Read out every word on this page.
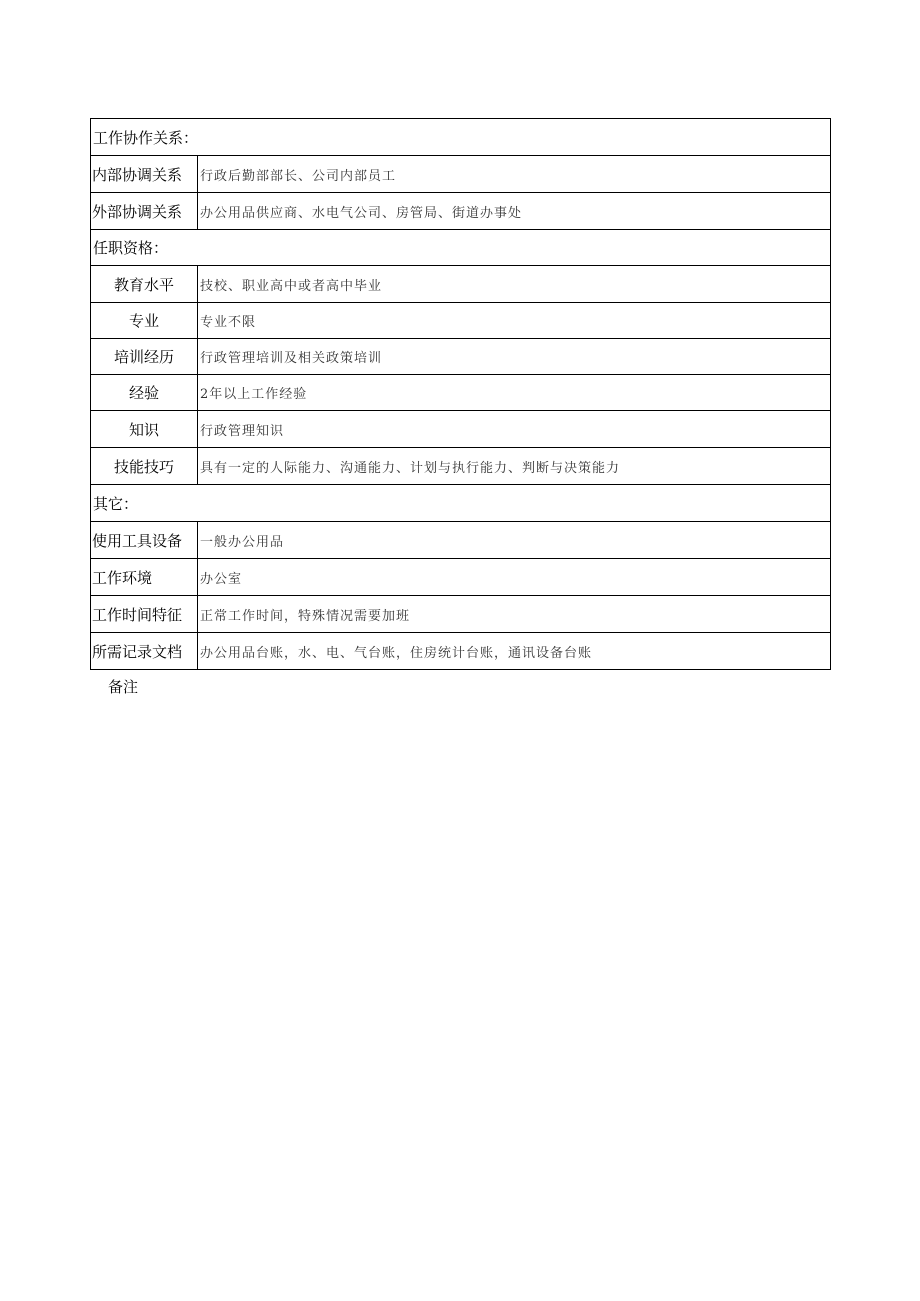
工作协作关系：	
内部协调关系	行政后勤部部长、公司内部员工
外部协调关系	办公用品供应商、水电气公司、房管局、街道办事处
任职资格：	
教育水平	技校、职业高中或者高中毕业
专业	专业不限
培训经历	行政管理培训及相关政策培训
经验	2年以上工作经验
知识	行政管理知识
技能技巧	具有一定的人际能力、沟通能力、计划与执行能力、判断与决策能力
其它：	
使用工具设备	一般办公用品
工作环境	办公室
工作时间特征	正常工作时间，特殊情况需要加班
所需记录文档	办公用品台账，水、电、气台账，住房统计台账，通讯设备台账
备注
